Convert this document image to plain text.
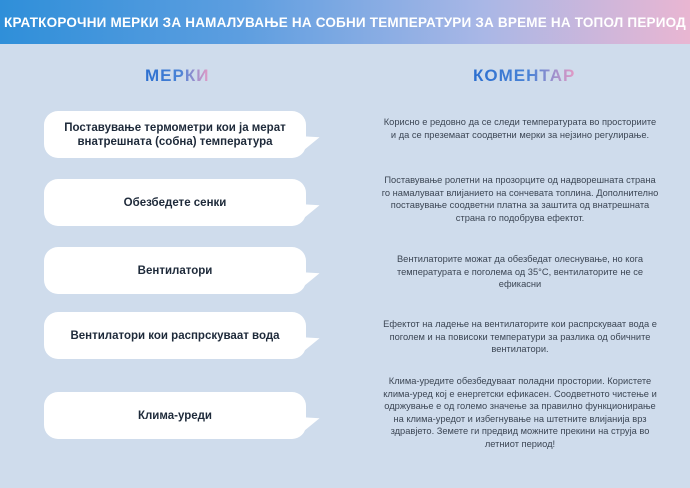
КРАТКОРОЧНИ МЕРКИ ЗА НАМАЛУВАЊЕ НА СОБНИ ТЕМПЕРАТУРИ ЗА ВРЕМЕ НА ТОПОЛ ПЕРИОД
МЕРКИ	КОМЕНТАР
Поставување термометри кои ја мерат внатрешната (собна) температура
Корисно е редовно да се следи температурата во просториите и да се преземаат соодветни мерки за нејзино регулирање.
Обезбедете сенки
Поставување ролетни на прозорците од надворешната страна го намалуваат влијанието на сончевата топлина. Дополнително поставување соодветни платна за заштита од внатрешната страна го подобрува ефектот.
Вентилатори
Вентилаторите можат да обезбедат олеснување, но кога температурата е поголема од 35°C, вентилаторите не се ефикасни
Вентилатори кои распрскуваат вода
Ефектот на ладење на вентилаторите кои распрскуваат вода е поголем и на повисоки температури за разлика од обичните вентилатори.
Клима-уреди
Клима-уредите обезбедуваат поладни простории. Користете клима-уред кој е енергетски ефикасен. Соодветното чистење и одржување е од големо значење за правилно функционирање на клима-уредот и избегнување на штетните влијанија врз здравјето. Земете ги предвид можните прекини на струја во летниот период!
